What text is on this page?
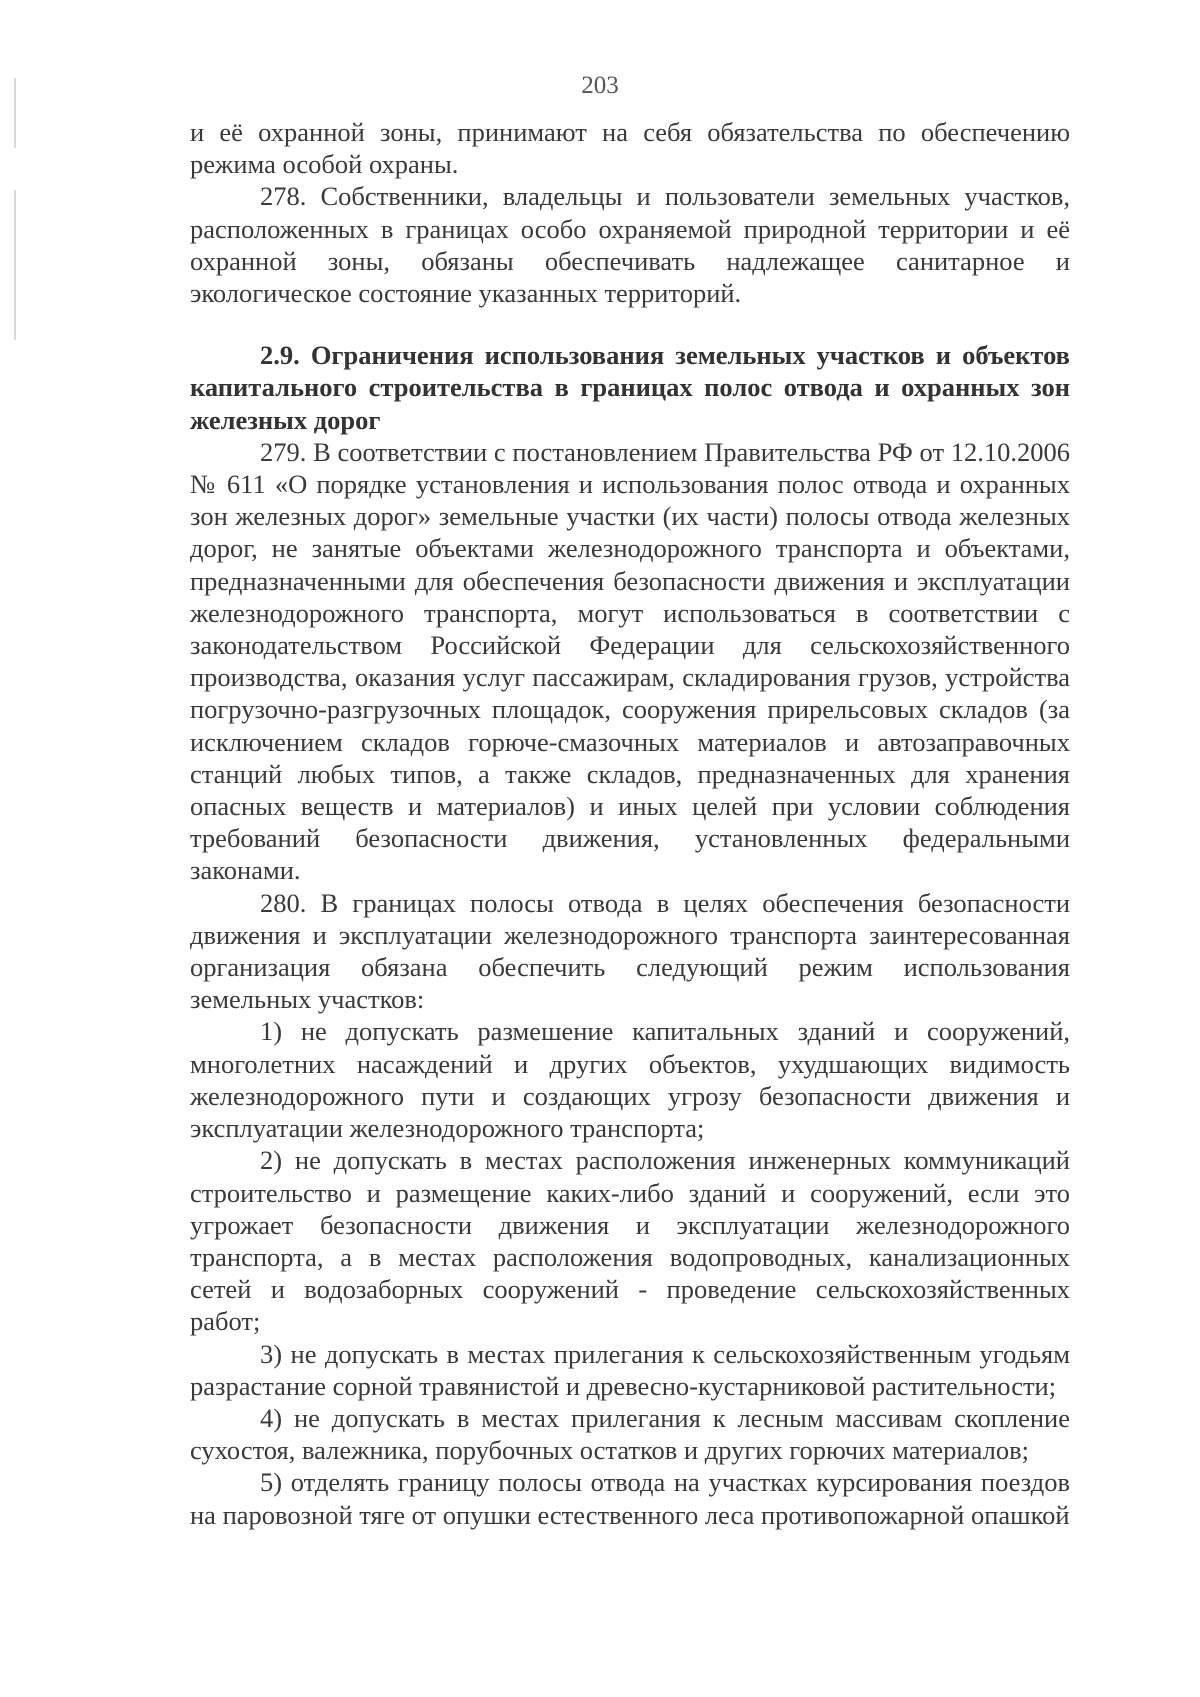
203

и её охранной зоны, принимают на себя обязательства по обеспечению режима особой охраны.

278. Собственники, владельцы и пользователи земельных участков, расположенных в границах особо охраняемой природной территории и её охранной зоны, обязаны обеспечивать надлежащее санитарное и экологическое состояние указанных территорий.

2.9. Ограничения использования земельных участков и объектов капитального строительства в границах полос отвода и охранных зон железных дорог

279. В соответствии с постановлением Правительства РФ от 12.10.2006 № 611 «О порядке установления и использования полос отвода и охранных зон железных дорог» земельные участки (их части) полосы отвода железных дорог, не занятые объектами железнодорожного транспорта и объектами, предназначенными для обеспечения безопасности движения и эксплуатации железнодорожного транспорта, могут использоваться в соответствии с законодательством Российской Федерации для сельскохозяйственного производства, оказания услуг пассажирам, складирования грузов, устройства погрузочно-разгрузочных площадок, сооружения прирельсовых складов (за исключением складов горюче-смазочных материалов и автозаправочных станций любых типов, а также складов, предназначенных для хранения опасных веществ и материалов) и иных целей при условии соблюдения требований безопасности движения, установленных федеральными законами.

280. В границах полосы отвода в целях обеспечения безопасности движения и эксплуатации железнодорожного транспорта заинтересованная организация обязана обеспечить следующий режим использования земельных участков:

1) не допускать размешение капитальных зданий и сооружений, многолетних насаждений и других объектов, ухудшающих видимость железнодорожного пути и создающих угрозу безопасности движения и эксплуатации железнодорожного транспорта;

2) не допускать в местах расположения инженерных коммуникаций строительство и размещение каких-либо зданий и сооружений, если это угрожает безопасности движения и эксплуатации железнодорожного транспорта, а в местах расположения водопроводных, канализационных сетей и водозаборных сооружений - проведение сельскохозяйственных работ;

3) не допускать в местах прилегания к сельскохозяйственным угодьям разрастание сорной травянистой и древесно-кустарниковой растительности;

4) не допускать в местах прилегания к лесным массивам скопление сухостоя, валежника, порубочных остатков и других горючих материалов;

5) отделять границу полосы отвода на участках курсирования поездов на паровозной тяге от опушки естественного леса противопожарной опашкой
